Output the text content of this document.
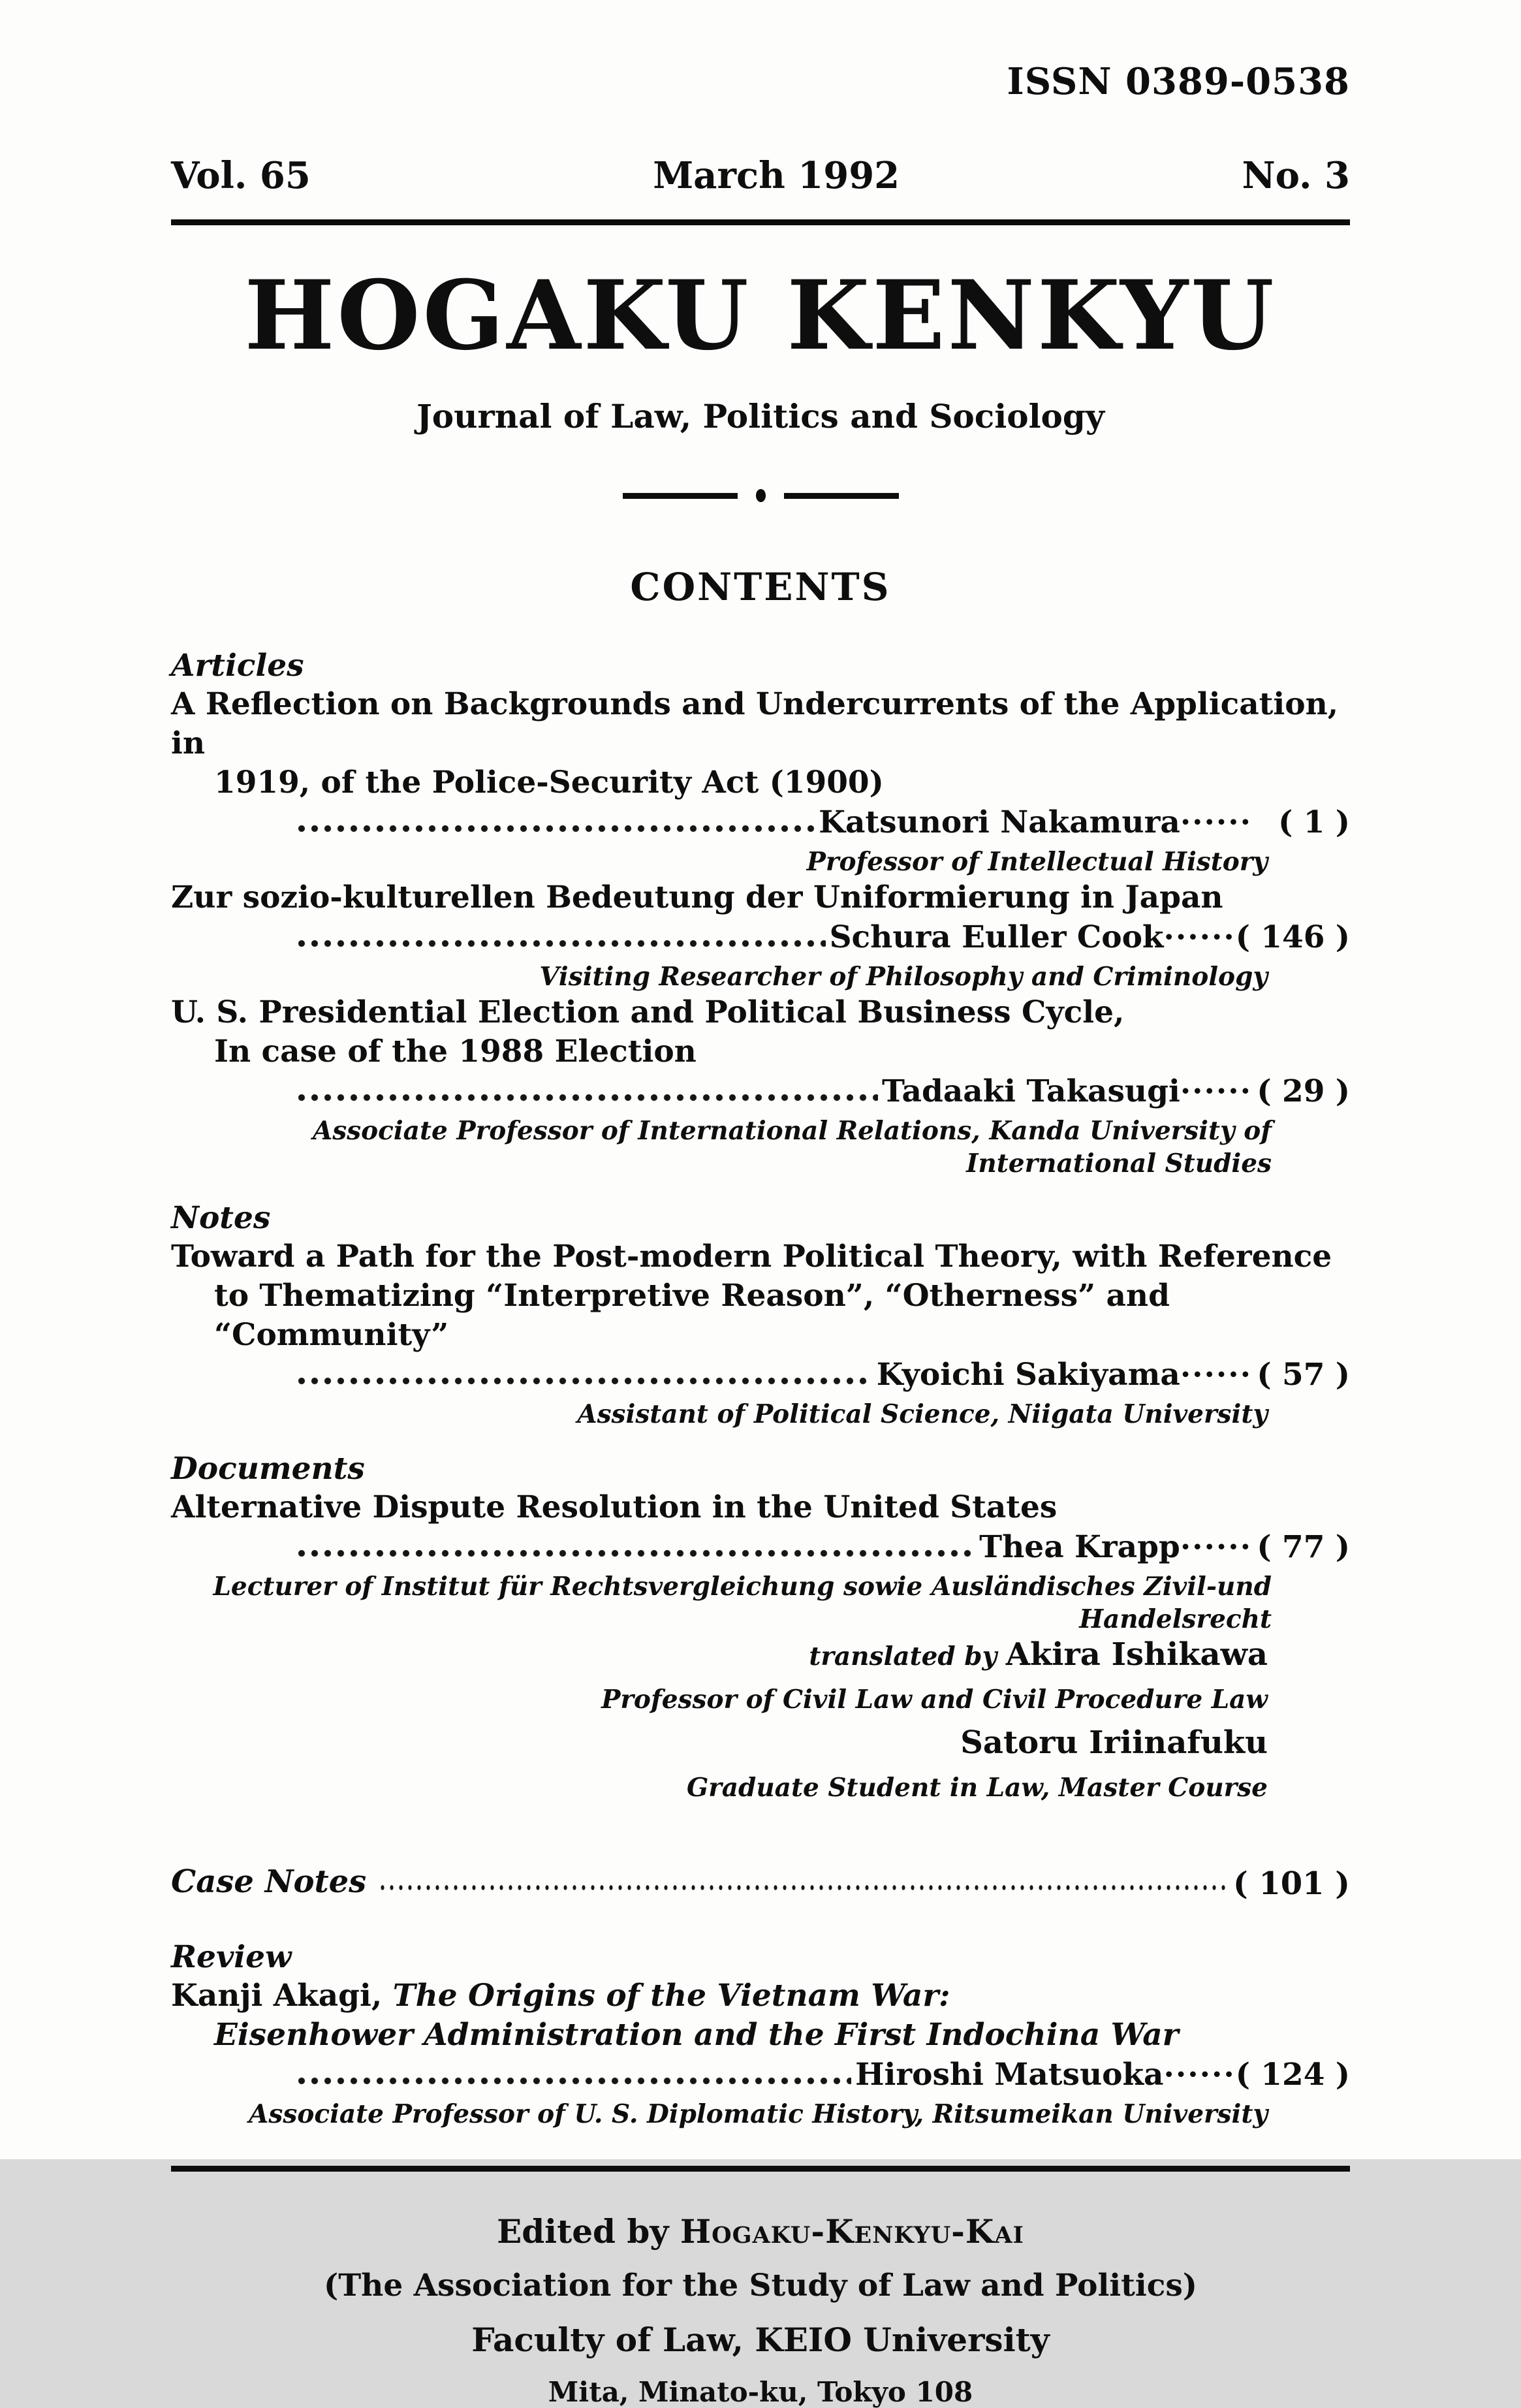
ISSN 0389-0538
Vol. 65	March 1992	No. 3
HOGAKU KENKYU
Journal of Law, Politics and Sociology
CONTENTS
Articles
A Reflection on Backgrounds and Undercurrents of the Application, in
1919, of the Police-Security Act (1900)
Katsunori Nakamura ······ ( 1 )
Professor of Intellectual History
Zur sozio-kulturellen Bedeutung der Uniformierung in Japan
Schura Euller Cook ······ ( 146 )
Visiting Researcher of Philosophy and Criminology
U. S. Presidential Election and Political Business Cycle,
In case of the 1988 Election
Tadaaki Takasugi ······ ( 29 )
Associate Professor of International Relations, Kanda University of International Studies
Notes
Toward a Path for the Post-modern Political Theory, with Reference
to Thematizing “Interpretive Reason”, “Otherness” and “Community”
Kyoichi Sakiyama ······ ( 57 )
Assistant of Political Science, Niigata University
Documents
Alternative Dispute Resolution in the United States
Thea Krapp ······ ( 77 )
Lecturer of Institut für Rechtsvergleichung sowie Ausländisches Zivil-und Handelsrecht
translated by Akira Ishikawa
Professor of Civil Law and Civil Procedure Law
Satoru Iriinafuku
Graduate Student in Law, Master Course
Case Notes	( 101 )
Review
Kanji Akagi, The Origins of the Vietnam War:
Eisenhower Administration and the First Indochina War
Hiroshi Matsuoka ······ ( 124 )
Associate Professor of U. S. Diplomatic History, Ritsumeikan University
Edited by Hogaku-Kenkyu-Kai
(The Association for the Study of Law and Politics)
Faculty of Law, KEIO University
Mita, Minato-ku, Tokyo 108
